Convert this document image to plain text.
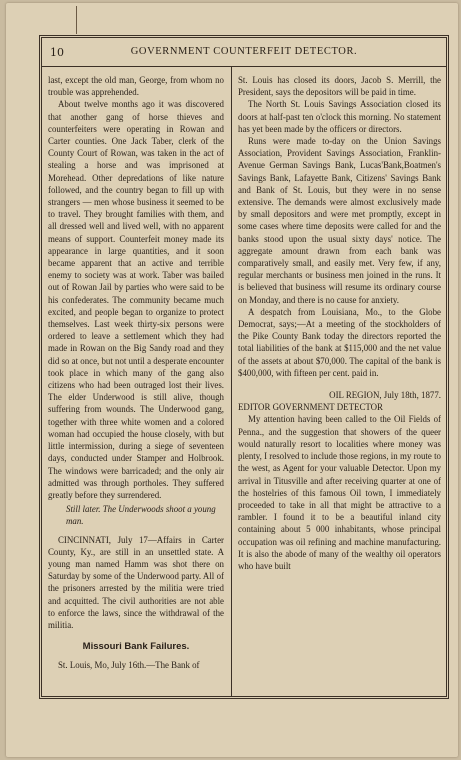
10	GOVERNMENT COUNTERFEIT DETECTOR.

last, except the old man, George, from whom no trouble was apprehended.

About twelve months ago it was discovered that another gang of horse thieves and counterfeiters were operating in Rowan and Carter counties. One Jack Taber, clerk of the County Court of Rowan, was taken in the act of stealing a horse and was imprisoned at Morehead. Other depredations of like nature followed, and the country began to fill up with strangers — men whose business it seemed to be to travel. They brought families with them, and all dressed well and lived well, with no apparent means of support. Counterfeit money made its appearance in large quantities, and it soon became apparent that an active and terrible enemy to society was at work. Taber was bailed out of Rowan Jail by parties who were said to be his confederates. The community became much excited, and people began to organize to protect themselves. Last week thirty-six persons were ordered to leave a settlement which they had made in Rowan on the Big Sandy road and they did so at once, but not until a desperate encounter took place in which many of the gang also citizens who had been outraged lost their lives. The elder Underwood is still alive, though suffering from wounds. The Underwood gang, together with three white women and a colored woman had occupied the house closely, with but little intermission, during a siege of seventeen days, conducted under Stamper and Holbrook. The windows were barricaded; and the only air admitted was through portholes. They suffered greatly before they surrendered.

Still later. The Underwoods shoot a young man.

CINCINNATI, July 17—Affairs in Carter County, Ky., are still in an unsettled state. A young man named Hamm was shot there on Saturday by some of the Underwood party. All of the prisoners arrested by the militia were tried and acquitted. The civil authorities are not able to enforce the laws, since the withdrawal of the militia.

Missouri Bank Failures.

St. Louis, Mo, July 16th.—The Bank of

St. Louis has closed its doors, Jacob S. Merrill, the President, says the depositors will be paid in time.

The North St. Louis Savings Association closed its doors at half-past ten o'clock this morning. No statement has yet been made by the officers or directors.

Runs were made to-day on the Union Savings Association, Provident Savings Association, Franklin-Avenue German Savings Bank, Lucas'Bank,Boatmen's Savings Bank, Lafayette Bank, Citizens' Savings Bank and Bank of St. Louis, but they were in no sense extensive. The demands were almost exclusively made by small depositors and were met promptly, except in some cases where time deposits were called for and the banks stood upon the usual sixty days' notice. The aggregate amount drawn from each bank was comparatively small, and easily met. Very few, if any, regular merchants or business men joined in the runs. It is believed that business will resume its ordinary course on Monday, and there is no cause for anxiety.

A despatch from Louisiana, Mo., to the Globe Democrat, says;—At a meeting of the stockholders of the Pike County Bank today the directors reported the total liabilities of the bank at $115,000 and the net value of the assets at about $70,000. The capital of the bank is $400,000, with fifteen per cent. paid in.

OIL REGION, July 18th, 1877.

EDITOR GOVERNMENT DETECTOR

My attention having been called to the Oil Fields of Penna., and the suggestion that showers of the queer would naturally resort to localities where money was plenty, I resolved to include those regions, in my route to the west, as Agent for your valuable Detector. Upon my arrival in Titusville and after receiving quarter at one of the hostelries of this famous Oil town, I immediately proceeded to take in all that might be attractive to a rambler. I found it to be a beautiful inland city containing about 5 000 inhabitants, whose principal occupation was oil refining and machine manufacturing. It is also the abode of many of the wealthy oil operators who have built
